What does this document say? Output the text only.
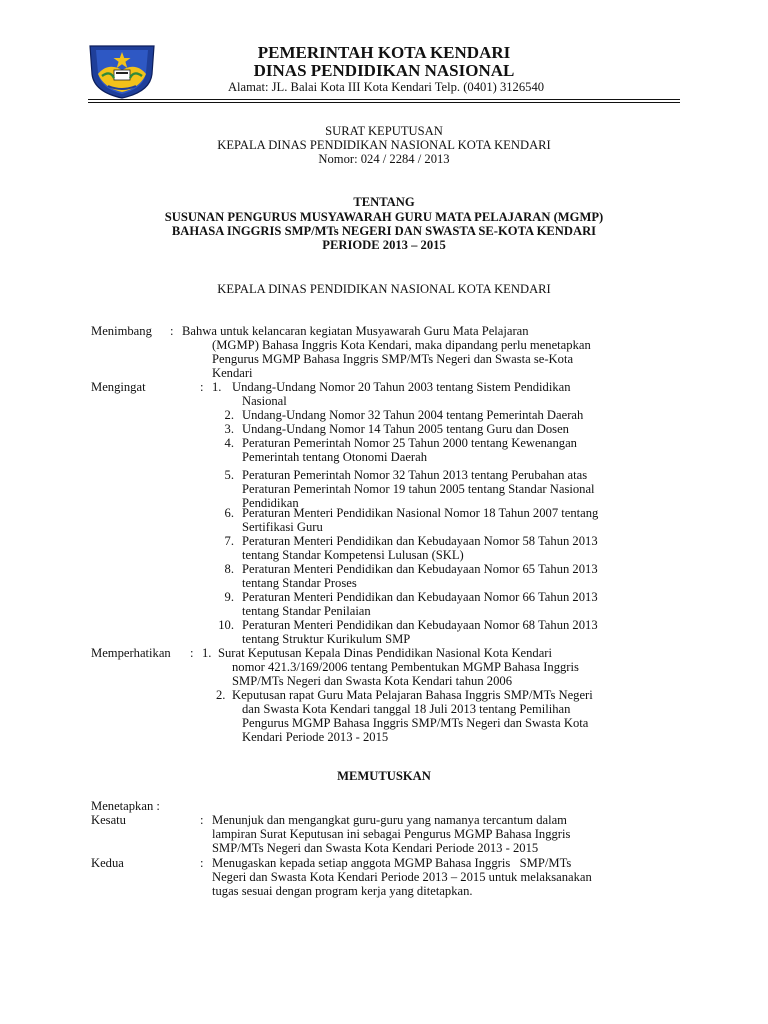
PEMERINTAH KOTA KENDARI
DINAS PENDIDIKAN NASIONAL
Alamat: JL. Balai Kota III Kota Kendari Telp. (0401) 3126540
SURAT KEPUTUSAN
KEPALA DINAS PENDIDIKAN NASIONAL KOTA KENDARI
Nomor: 024 / 2284 / 2013
TENTANG
SUSUNAN PENGURUS MUSYAWARAH GURU MATA PELAJARAN (MGMP)
BAHASA INGGRIS SMP/MTs NEGERI DAN SWASTA SE-KOTA KENDARI
PERIODE 2013 – 2015
KEPALA DINAS PENDIDIKAN NASIONAL KOTA KENDARI
Menimbang : Bahwa untuk kelancaran kegiatan Musyawarah Guru Mata Pelajaran
(MGMP) Bahasa Inggris Kota Kendari, maka dipandang perlu menetapkan
Pengurus MGMP Bahasa Inggris SMP/MTs Negeri dan Swasta se-Kota
Kendari
Mengingat	: 1. Undang-Undang Nomor 20 Tahun 2003 tentang Sistem Pendidikan
Nasional
2. Undang-Undang Nomor 32 Tahun 2004 tentang Pemerintah Daerah
3. Undang-Undang Nomor 14 Tahun 2005 tentang Guru dan Dosen
4. Peraturan Pemerintah Nomor 25 Tahun 2000 tentang Kewenangan
Pemerintah tentang Otonomi Daerah
5. Peraturan Pemerintah Nomor 32 Tahun 2013 tentang Perubahan atas
Peraturan Pemerintah Nomor 19 tahun 2005 tentang Standar Nasional
Pendidikan
6. Peraturan Menteri Pendidikan Nasional Nomor 18 Tahun 2007 tentang
Sertifikasi Guru
7. Peraturan Menteri Pendidikan dan Kebudayaan Nomor 58 Tahun 2013
tentang Standar Kompetensi Lulusan (SKL)
8. Peraturan Menteri Pendidikan dan Kebudayaan Nomor 65 Tahun 2013
tentang Standar Proses
9. Peraturan Menteri Pendidikan dan Kebudayaan Nomor 66 Tahun 2013
tentang Standar Penilaian
10. Peraturan Menteri Pendidikan dan Kebudayaan Nomor 68 Tahun 2013
tentang Struktur Kurikulum SMP
Memperhatikan : 1. Surat Keputusan Kepala Dinas Pendidikan Nasional Kota Kendari
nomor 421.3/169/2006 tentang Pembentukan MGMP Bahasa Inggris
SMP/MTs Negeri dan Swasta Kota Kendari tahun 2006
2. Keputusan rapat Guru Mata Pelajaran Bahasa Inggris SMP/MTs Negeri
dan Swasta Kota Kendari tanggal 18 Juli 2013 tentang Pemilihan
Pengurus MGMP Bahasa Inggris SMP/MTs Negeri dan Swasta Kota
Kendari Periode 2013 - 2015
MEMUTUSKAN
Menetapkan :
Kesatu	: Menunjuk dan mengangkat guru-guru yang namanya tercantum dalam
lampiran Surat Keputusan ini sebagai Pengurus MGMP Bahasa Inggris
SMP/MTs Negeri dan Swasta Kota Kendari Periode 2013 - 2015
Kedua	: Menugaskan kepada setiap anggota MGMP Bahasa Inggris   SMP/MTs
Negeri dan Swasta Kota Kendari Periode 2013 – 2015 untuk melaksanakan
tugas sesuai dengan program kerja yang ditetapkan.
